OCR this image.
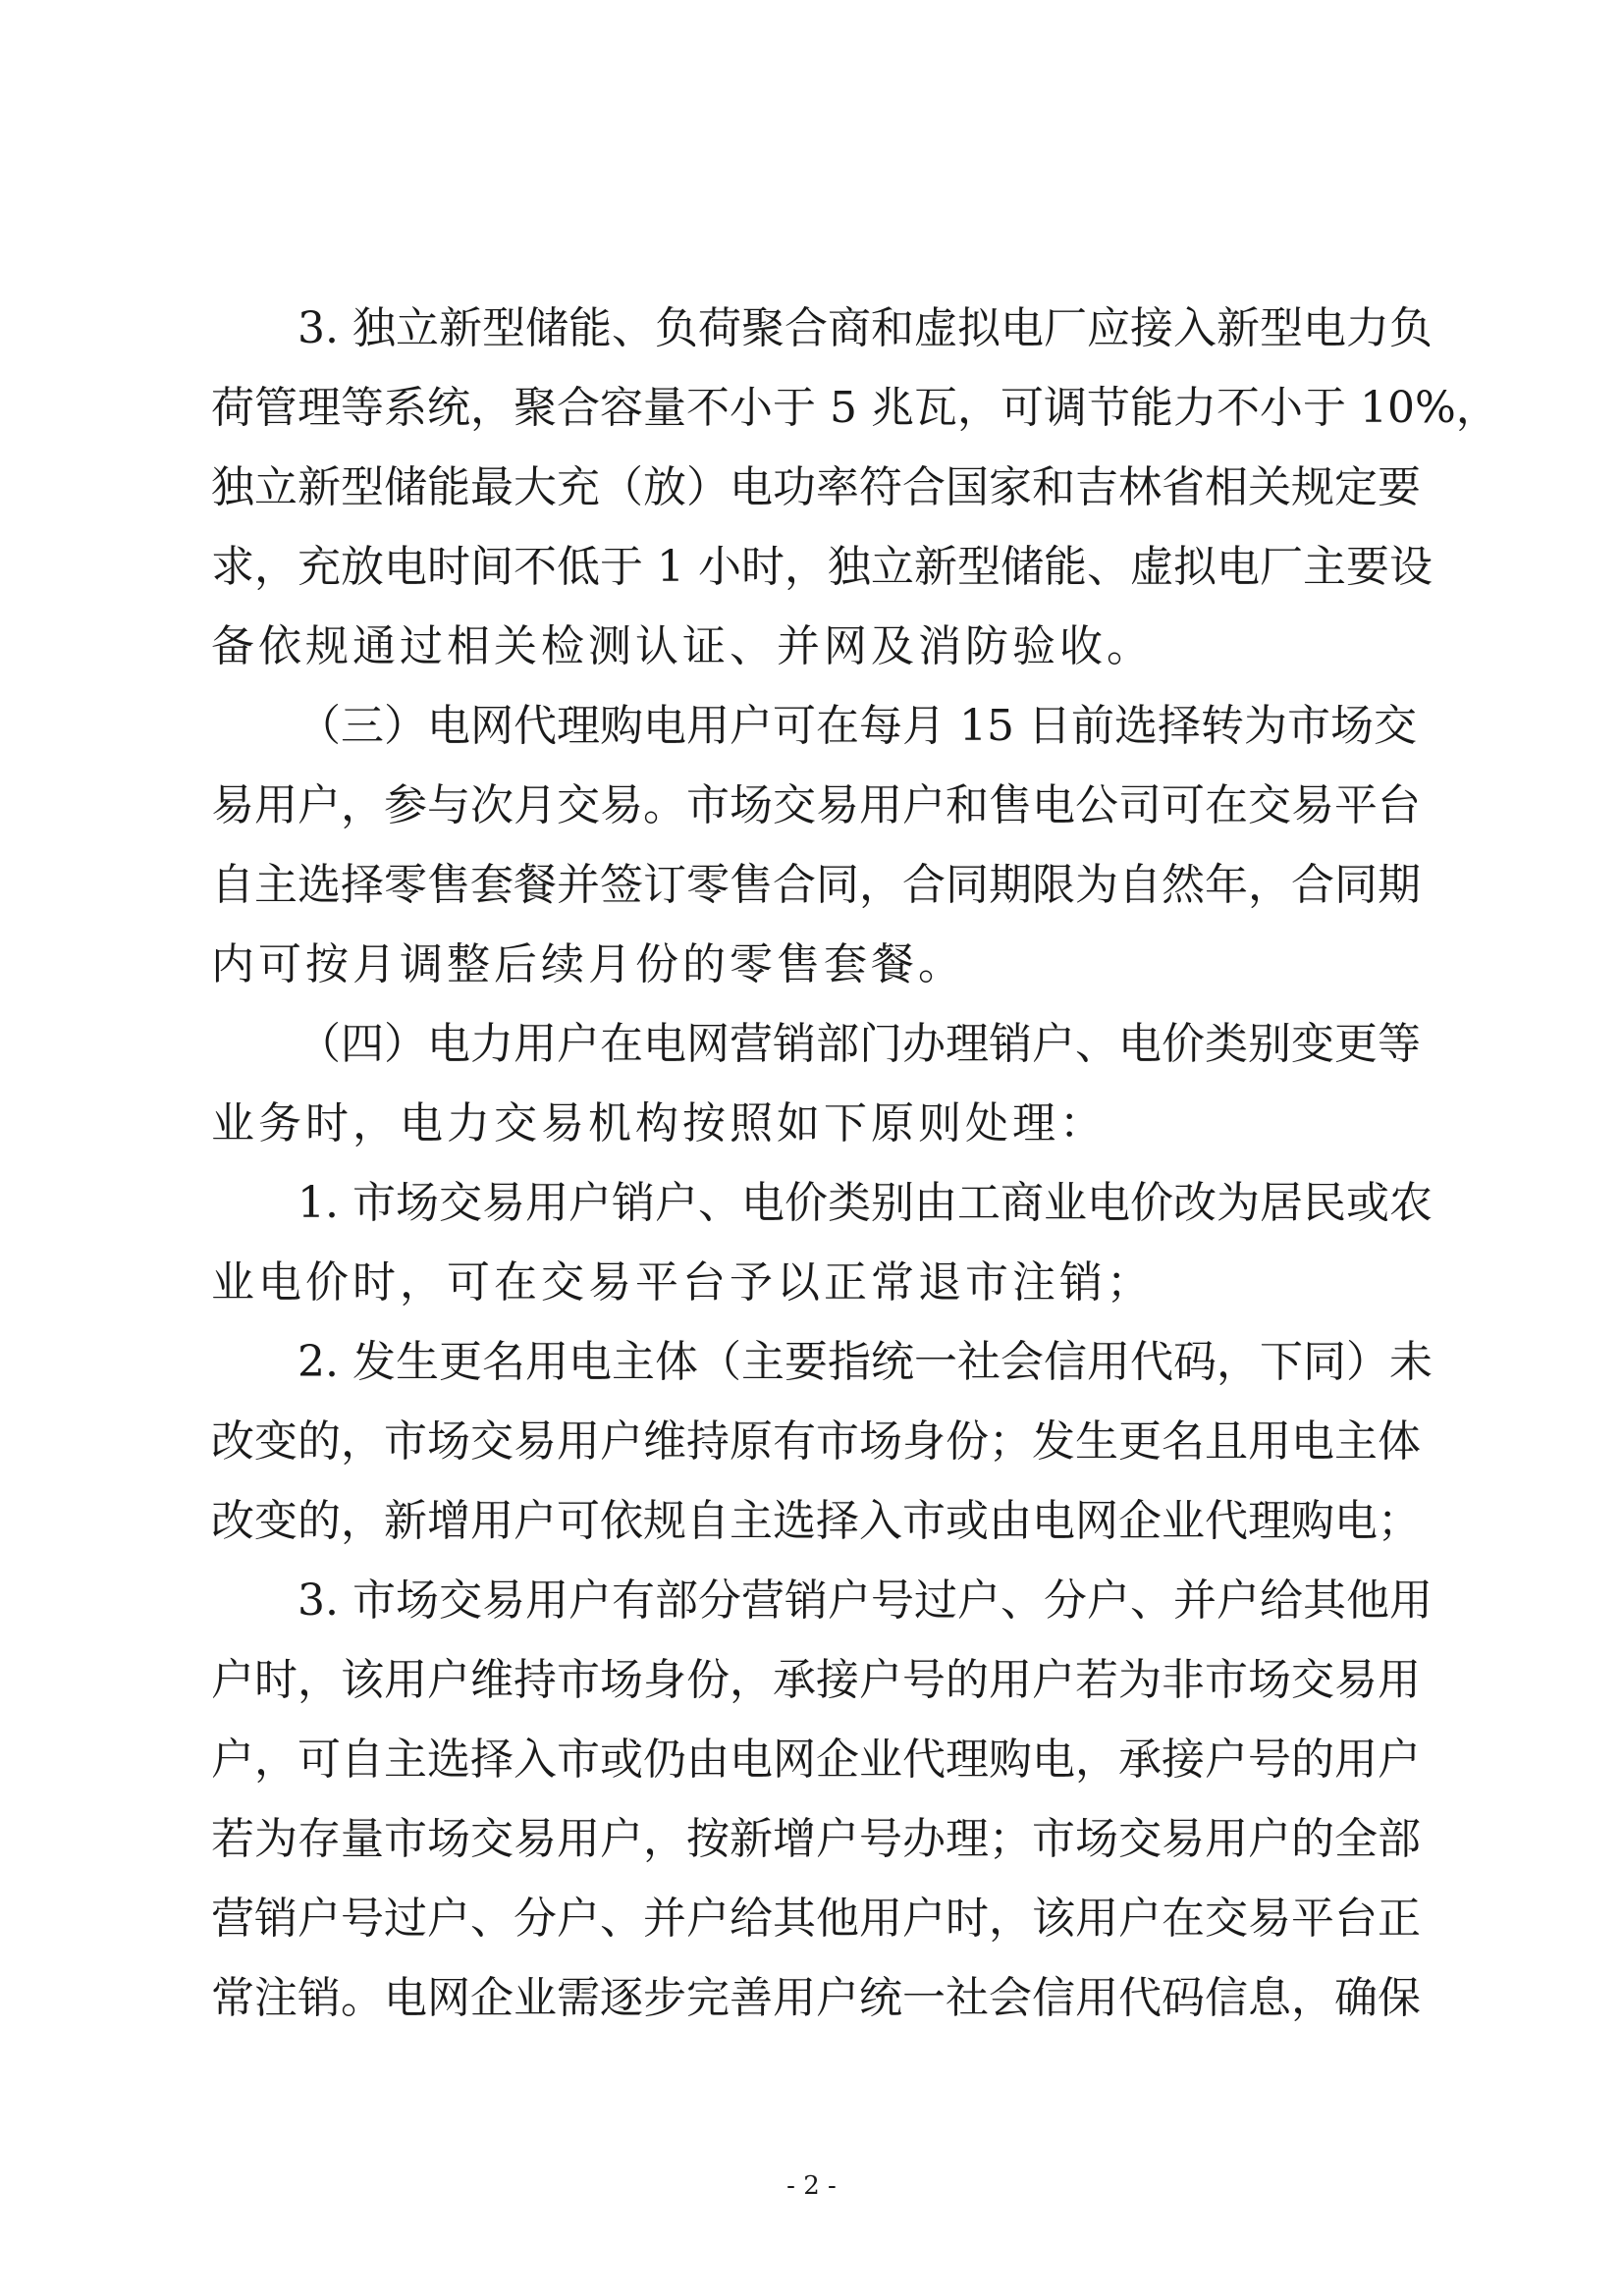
3. 独立新型储能、负荷聚合商和虚拟电厂应接入新型电力负
荷管理等系统，聚合容量不小于 5 兆瓦，可调节能力不小于 10%，
独立新型储能最大充（放）电功率符合国家和吉林省相关规定要
求，充放电时间不低于 1 小时，独立新型储能、虚拟电厂主要设
备依规通过相关检测认证、并网及消防验收。
（三）电网代理购电用户可在每月 15 日前选择转为市场交
易用户，参与次月交易。市场交易用户和售电公司可在交易平台
自主选择零售套餐并签订零售合同，合同期限为自然年，合同期
内可按月调整后续月份的零售套餐。
（四）电力用户在电网营销部门办理销户、电价类别变更等
业务时，电力交易机构按照如下原则处理：
1. 市场交易用户销户、电价类别由工商业电价改为居民或农
业电价时，可在交易平台予以正常退市注销；
2. 发生更名用电主体（主要指统一社会信用代码，下同）未
改变的，市场交易用户维持原有市场身份；发生更名且用电主体
改变的，新增用户可依规自主选择入市或由电网企业代理购电；
3. 市场交易用户有部分营销户号过户、分户、并户给其他用
户时，该用户维持市场身份，承接户号的用户若为非市场交易用
户，可自主选择入市或仍由电网企业代理购电，承接户号的用户
若为存量市场交易用户，按新增户号办理；市场交易用户的全部
营销户号过户、分户、并户给其他用户时，该用户在交易平台正
常注销。电网企业需逐步完善用户统一社会信用代码信息，确保
- 2 -
